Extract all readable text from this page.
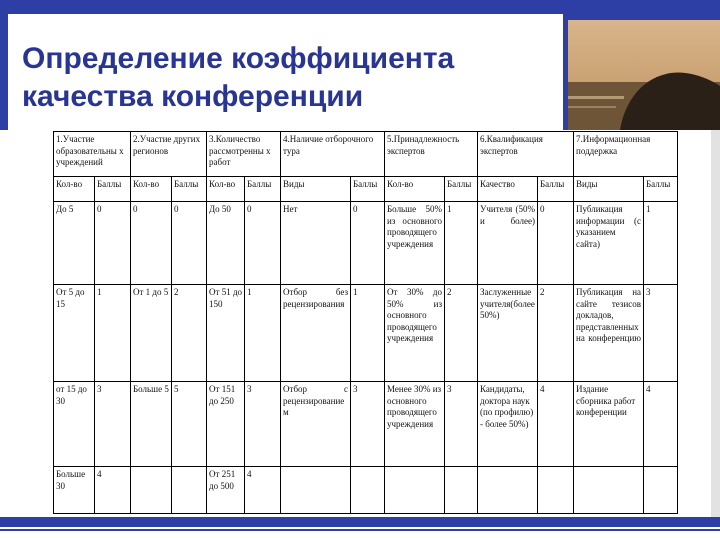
Определение коэффициента
качества конференции
1.Участие образовательны х учреждений		2.Участие других регионов		3.Количество рассмотренны х работ		4.Наличие отборочного тура		5.Принадлежность экспертов		6.Квалификация экспертов		7.Информационная поддержка	
Кол-во	Баллы	Кол-во	Баллы	Кол-во	Баллы	Виды	Баллы	Кол-во	Баллы	Качество	Баллы	Виды	Баллы
До 5	0	0	0	До 50	0	Нет	0	Больше 50% из основного проводящего учреждения	1	Учителя (50% и более)	0	Публикация информации (с указанием сайта)	1
От 5 до 15	1	От 1 до 5	2	От 51 до 150	1	Отбор без рецензирования	1	От 30% до 50% из основного проводящего учреждения	2	Заслуженные учителя(более 50%)	2	Публикация на сайте тезисов докладов, представленных на конференцию	3
от 15 до 30	3	Больше 5	5	От 151 до 250	3	Отбор с рецензированием	3	Менее 30% из основного проводящего учреждения	3	Кандидаты, доктора наук (по профилю) - более 50%)	4	Издание сборника работ конференции	4
Больше 30	4			От 251 до 500	4								
